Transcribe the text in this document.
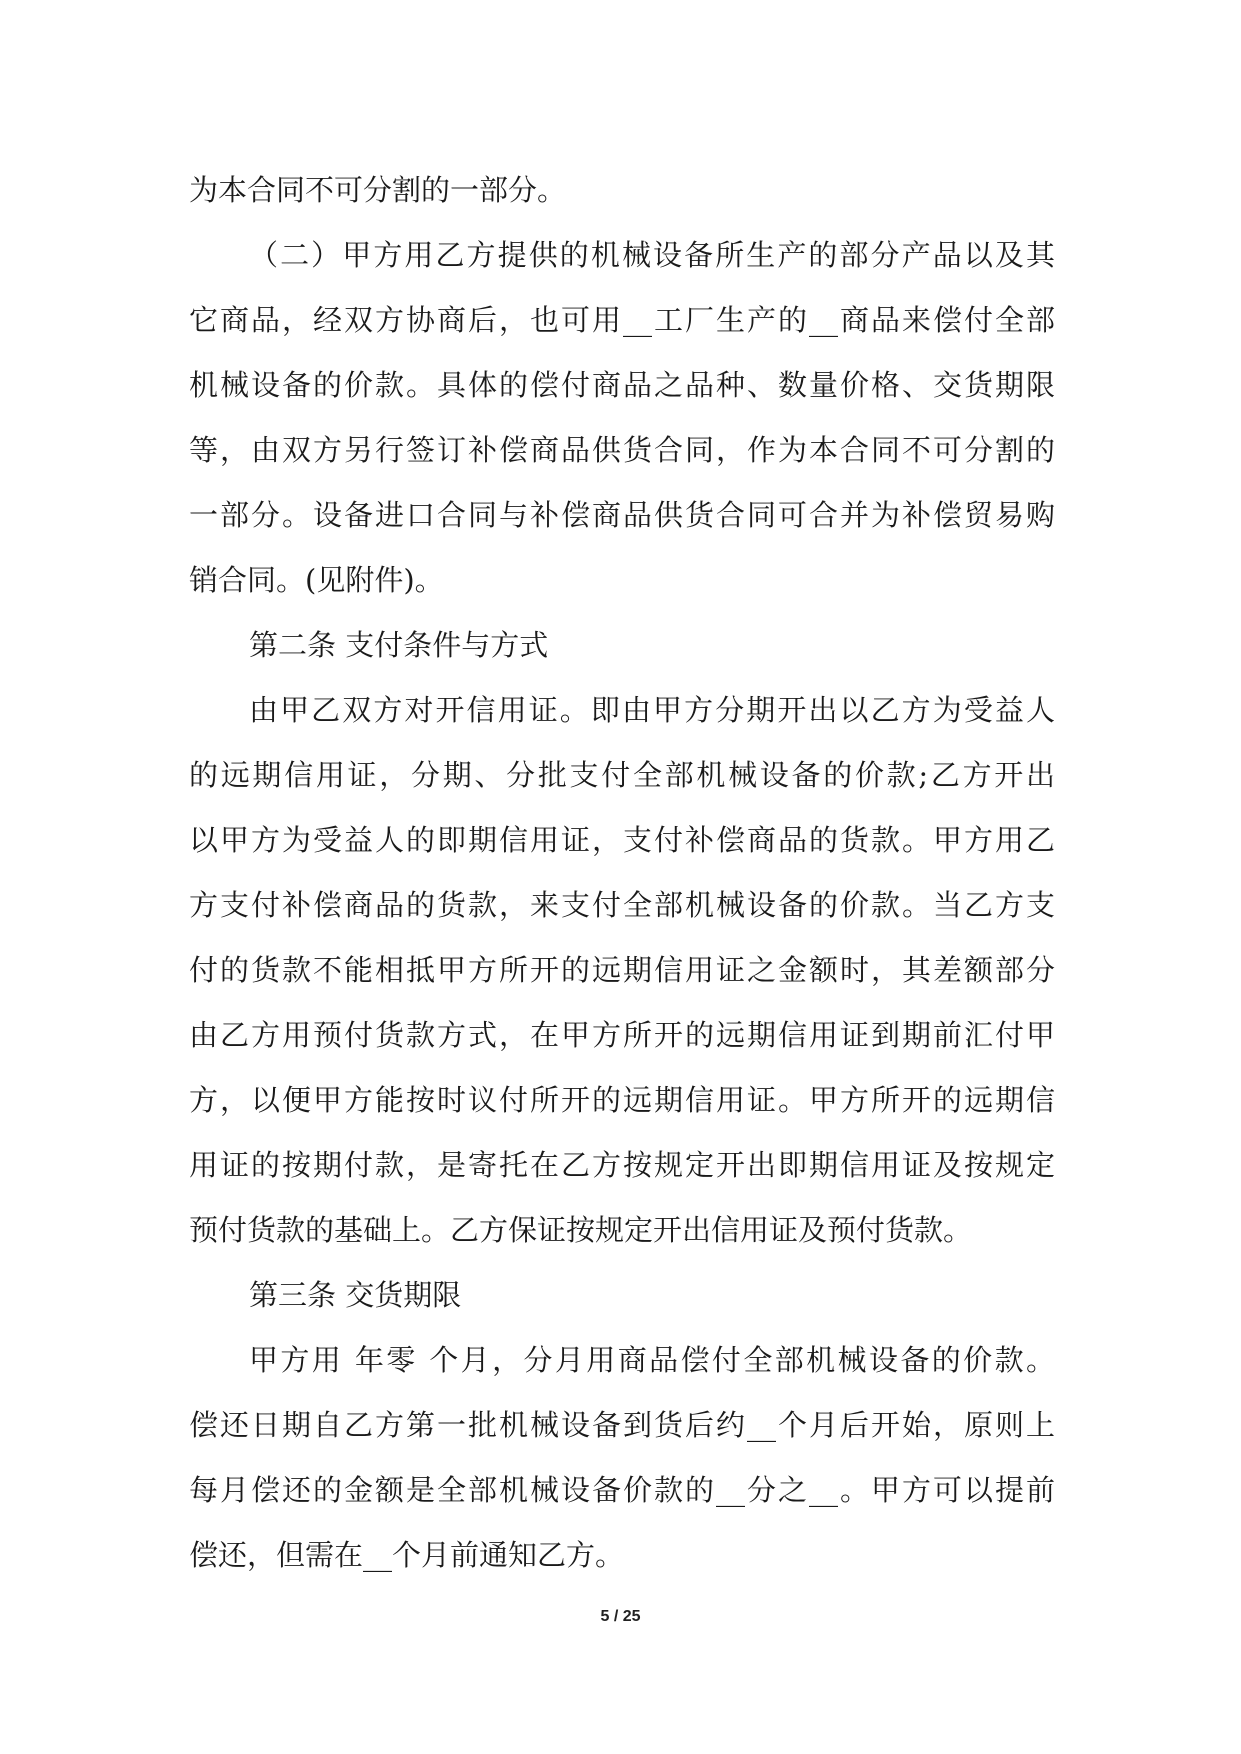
为本合同不可分割的一部分。
（二）甲方用乙方提供的机械设备所生产的部分产品以及其
它商品，经双方协商后，也可用__工厂生产的__商品来偿付全部
机械设备的价款。具体的偿付商品之品种、数量价格、交货期限
等，由双方另行签订补偿商品供货合同，作为本合同不可分割的
一部分。设备进口合同与补偿商品供货合同可合并为补偿贸易购
销合同。(见附件)。
第二条 支付条件与方式
由甲乙双方对开信用证。即由甲方分期开出以乙方为受益人
的远期信用证，分期、分批支付全部机械设备的价款;乙方开出
以甲方为受益人的即期信用证，支付补偿商品的货款。甲方用乙
方支付补偿商品的货款，来支付全部机械设备的价款。当乙方支
付的货款不能相抵甲方所开的远期信用证之金额时，其差额部分
由乙方用预付货款方式，在甲方所开的远期信用证到期前汇付甲
方，以便甲方能按时议付所开的远期信用证。甲方所开的远期信
用证的按期付款，是寄托在乙方按规定开出即期信用证及按规定
预付货款的基础上。乙方保证按规定开出信用证及预付货款。
第三条 交货期限
甲方用 年零 个月，分月用商品偿付全部机械设备的价款。
偿还日期自乙方第一批机械设备到货后约__个月后开始，原则上
每月偿还的金额是全部机械设备价款的__分之__。甲方可以提前
偿还，但需在__个月前通知乙方。
5 / 25
